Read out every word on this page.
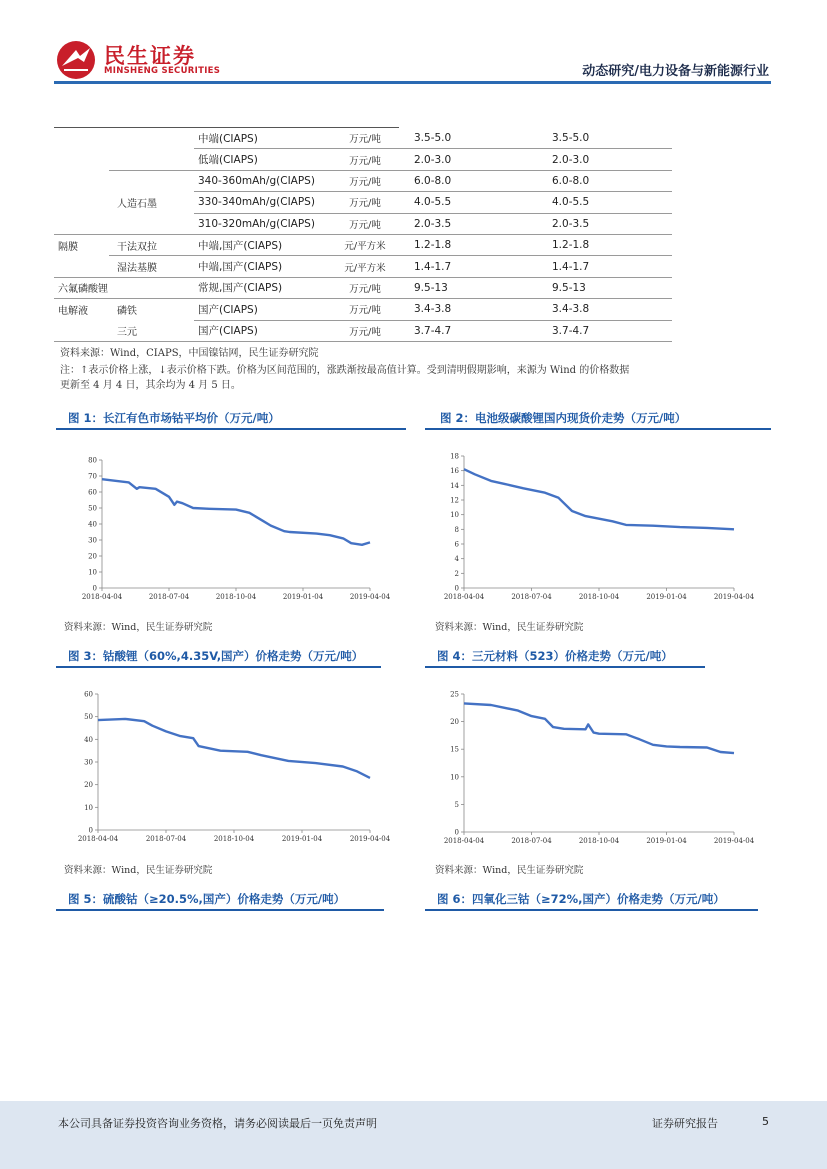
民生证券
MINSHENG SECURITIES	动态研究/电力设备与新能源行业
		中端(CIAPS)	万元/吨	3.5-5.0	3.5-5.0
		低端(CIAPS)	万元/吨	2.0-3.0	2.0-3.0
		340-360mAh/g(CIAPS)	万元/吨	6.0-8.0	6.0-8.0
	人造石墨	330-340mAh/g(CIAPS)	万元/吨	4.0-5.5	4.0-5.5
		310-320mAh/g(CIAPS)	万元/吨	2.0-3.5	2.0-3.5
隔膜	干法双拉	中端,国产(CIAPS)	元/平方米	1.2-1.8	1.2-1.8
	湿法基膜	中端,国产(CIAPS)	元/平方米	1.4-1.7	1.4-1.7
六氟磷酸锂		常规,国产(CIAPS)	万元/吨	9.5-13	9.5-13
电解液	磷铁	国产(CIAPS)	万元/吨	3.4-3.8	3.4-3.8
	三元	国产(CIAPS)	万元/吨	3.7-4.7	3.7-4.7
资料来源：Wind，CIAPS，中国镍钴网，民生证券研究院
注：↑表示价格上涨，↓表示价格下跌。价格为区间范围的，涨跌渐按最高值计算。受到清明假期影响，来源为 Wind 的价格数据
更新至 4 月 4 日，其余均为 4 月 5 日。
图 1：长江有色市场钴平均价（万元/吨）	图 2：电池级碳酸锂国内现货价走势（万元/吨）
0
10
20
30
40
50
60
70
80
2018-04-04	2018-07-04	2018-10-04	2019-01-04	2019-04-04
0
2
4
6
8
10
12
14
16
18
2018-04-04	2018-07-04	2018-10-04	2019-01-04	2019-04-04
资料来源：Wind，民生证券研究院	资料来源：Wind，民生证券研究院
图 3：钴酸锂（60%,4.35V,国产）价格走势（万元/吨）	图 4：三元材料（523）价格走势（万元/吨）
0
10
20
30
40
50
60
2018-04-04	2018-07-04	2018-10-04	2019-01-04	2019-04-04
0
5
10
15
20
25
2018-04-04	2018-07-04	2018-10-04	2019-01-04	2019-04-04
资料来源：Wind，民生证券研究院	资料来源：Wind，民生证券研究院
图 5：硫酸钴（≥20.5%,国产）价格走势（万元/吨）	图 6：四氧化三钴（≥72%,国产）价格走势（万元/吨）
本公司具备证券投资咨询业务资格，请务必阅读最后一页免责声明	证券研究报告	5
